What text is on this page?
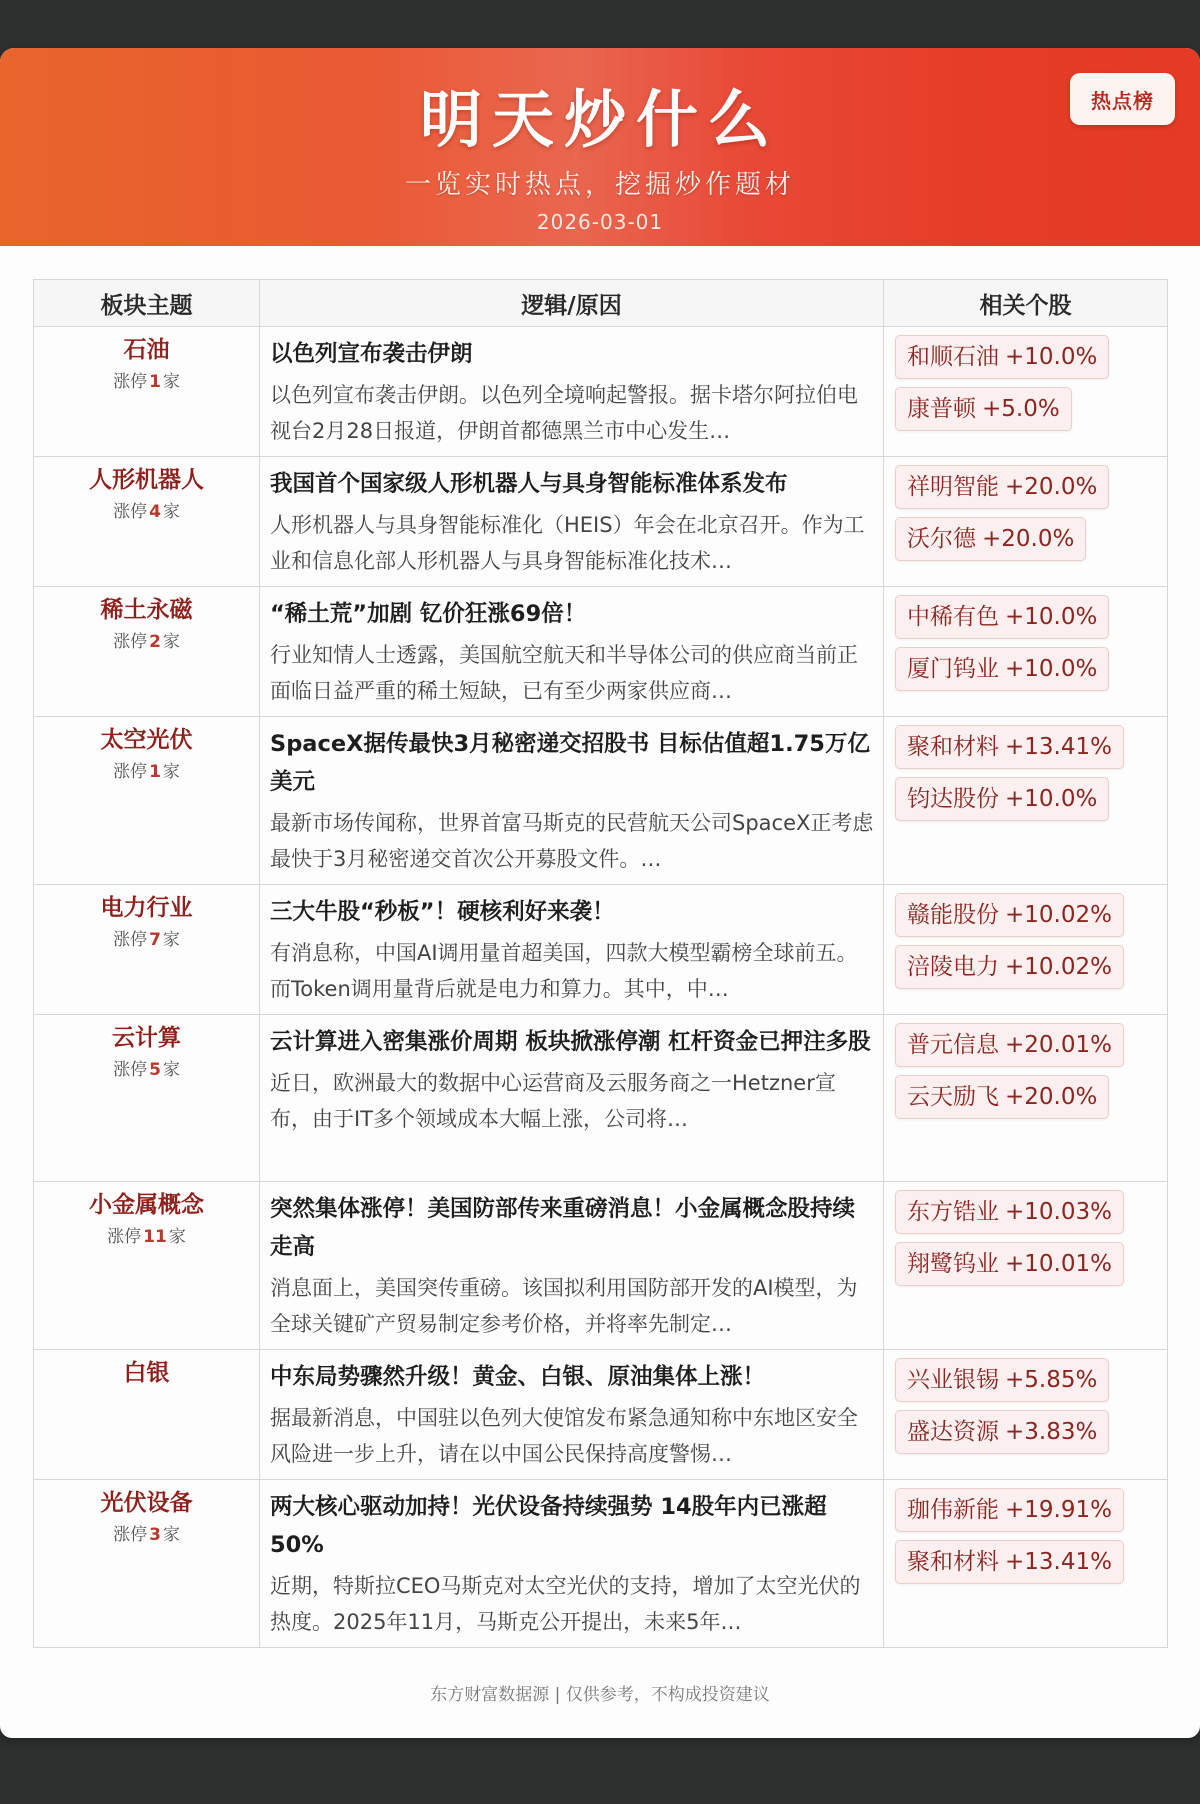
明天炒什么
一览实时热点，挖掘炒作题材
2026-03-01
热点榜
板块主题	逻辑/原因	相关个股

石油
涨停 1 家

以色列宣布袭击伊朗
以色列宣布袭击伊朗。以色列全境响起警报。据卡塔尔阿拉伯电视台2月28日报道，伊朗首都德黑兰市中心发生…

和顺石油 +10.0%
康普顿 +5.0%

人形机器人
涨停 4 家

我国首个国家级人形机器人与具身智能标准体系发布
人形机器人与具身智能标准化（HEIS）年会在北京召开。作为工业和信息化部人形机器人与具身智能标准化技术…

祥明智能 +20.0%
沃尔德 +20.0%

稀土永磁
涨停 2 家

“稀土荒”加剧 钇价狂涨69倍！
行业知情人士透露，美国航空航天和半导体公司的供应商当前正面临日益严重的稀土短缺，已有至少两家供应商…

中稀有色 +10.0%
厦门钨业 +10.0%

太空光伏
涨停 1 家

SpaceX据传最快3月秘密递交招股书 目标估值超1.75万亿美元
最新市场传闻称，世界首富马斯克的民营航天公司SpaceX正考虑最快于3月秘密递交首次公开募股文件。…

聚和材料 +13.41%
钧达股份 +10.0%

电力行业
涨停 7 家

三大牛股“秒板”！硬核利好来袭！
有消息称，中国AI调用量首超美国，四款大模型霸榜全球前五。而Token调用量背后就是电力和算力。其中，中…

赣能股份 +10.02%
涪陵电力 +10.02%

云计算
涨停 5 家

云计算进入密集涨价周期 板块掀涨停潮 杠杆资金已押注多股
近日，欧洲最大的数据中心运营商及云服务商之一Hetzner宣布，由于IT多个领域成本大幅上涨，公司将…

普元信息 +20.01%
云天励飞 +20.0%

小金属概念
涨停 11 家

突然集体涨停！美国防部传来重磅消息！小金属概念股持续走高
消息面上，美国突传重磅。该国拟利用国防部开发的AI模型，为全球关键矿产贸易制定参考价格，并将率先制定…

东方锆业 +10.03%
翔鹭钨业 +10.01%

白银	中东局势骤然升级！黄金、白银、原油集体上涨！
据最新消息，中国驻以色列大使馆发布紧急通知称中东地区安全风险进一步上升，请在以中国公民保持高度警惕…

兴业银锡 +5.85%
盛达资源 +3.83%

光伏设备
涨停 3 家

两大核心驱动加持！光伏设备持续强势 14股年内已涨超50%
近期，特斯拉CEO马斯克对太空光伏的支持，增加了太空光伏的热度。2025年11月，马斯克公开提出，未来5年…

珈伟新能 +19.91%
聚和材料 +13.41%
东方财富数据源 | 仅供参考，不构成投资建议
